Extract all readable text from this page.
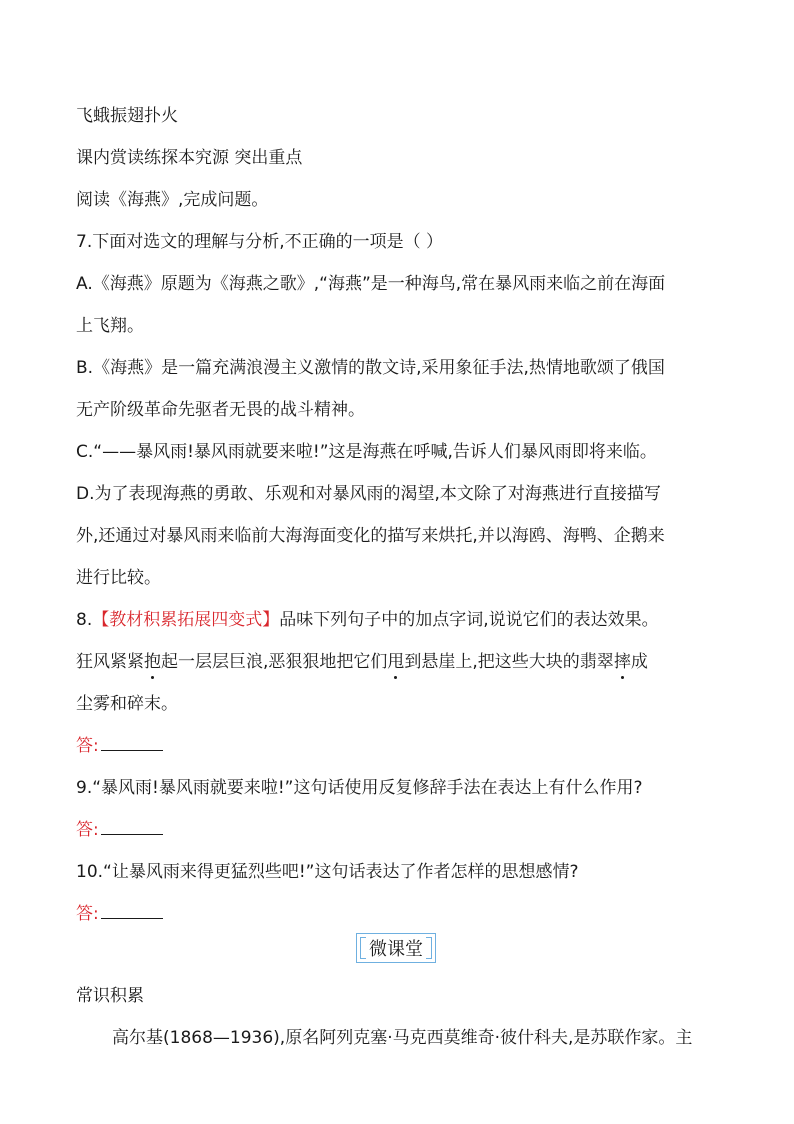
飞蛾振翅扑火
课内赏读练探本究源 突出重点
阅读《海燕》,完成问题。
7.下面对选文的理解与分析,不正确的一项是（ ）
A.《海燕》原题为《海燕之歌》,“海燕”是一种海鸟,常在暴风雨来临之前在海面
上飞翔。
B.《海燕》是一篇充满浪漫主义激情的散文诗,采用象征手法,热情地歌颂了俄国
无产阶级革命先驱者无畏的战斗精神。
C.“——暴风雨!暴风雨就要来啦!”这是海燕在呼喊,告诉人们暴风雨即将来临。
D.为了表现海燕的勇敢、乐观和对暴风雨的渴望,本文除了对海燕进行直接描写
外,还通过对暴风雨来临前大海海面变化的描写来烘托,并以海鸥、海鸭、企鹅来
进行比较。
8.【教材积累拓展四变式】品味下列句子中的加点字词,说说它们的表达效果。
狂风紧紧抱起一层层巨浪,恶狠狠地把它们甩到悬崖上,把这些大块的翡翠摔成
尘雾和碎末。
答:
9.“暴风雨!暴风雨就要来啦!”这句话使用反复修辞手法在表达上有什么作用?
答:
10.“让暴风雨来得更猛烈些吧!”这句话表达了作者怎样的思想感情?
答:
微课堂
常识积累
高尔基(1868—1936),原名阿列克塞·马克西莫维奇·彼什科夫,是苏联作家。主
